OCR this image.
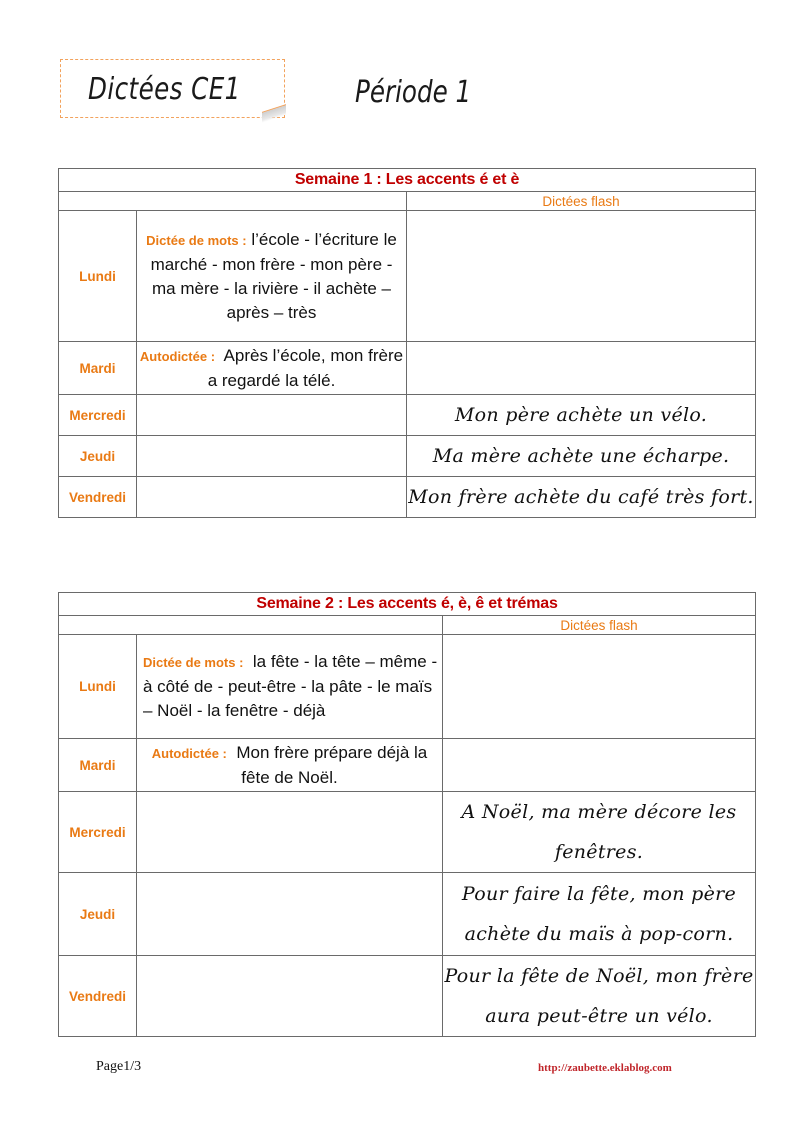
Dictées CE1	Période 1
Semaine 1 : Les accents é et è		
		Dictées flash
Lundi	Dictée de mots : l’école - l’écriture le marché - mon frère - mon père - ma mère - la rivière - il achète – après – très	
Mardi	Autodictée : Après l’école, mon frère a regardé la télé.	
Mercredi		Mon père achète un vélo.
Jeudi		Ma mère achète une écharpe.
Vendredi		Mon frère achète du café très fort.
Semaine 2 : Les accents é, è, ê et trémas		
		Dictées flash
Lundi	Dictée de mots : la fête - la tête – même - à côté de - peut-être - la pâte - le maïs – Noël - la fenêtre - déjà	
Mardi	Autodictée : Mon frère prépare déjà la fête de Noël.	
Mercredi		A Noël, ma mère décore les fenêtres.
Jeudi		Pour faire la fête, mon père achète du maïs à pop-corn.
Vendredi		Pour la fête de Noël, mon frère aura peut-être un vélo.
Page1/3	http://zaubette.eklablog.com
